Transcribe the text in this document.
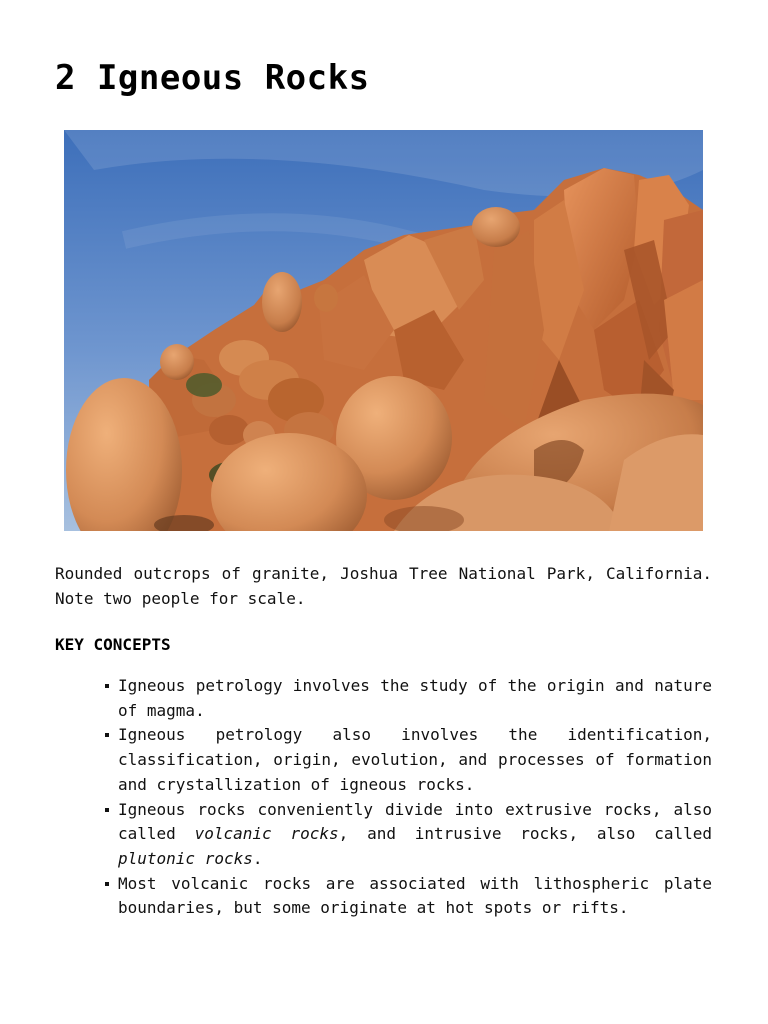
2 Igneous Rocks

Rounded outcrops of granite, Joshua Tree National Park, California. Note two people for scale.

KEY CONCEPTS
Igneous petrology involves the study of the origin and nature of magma.
Igneous petrology also involves the identification, classification, origin, evolution, and processes of formation and crystallization of igneous rocks.
Igneous rocks conveniently divide into extrusive rocks, also called volcanic rocks, and intrusive rocks, also called plutonic rocks.
Most volcanic rocks are associated with lithospheric plate boundaries, but some originate at hot spots or rifts.
